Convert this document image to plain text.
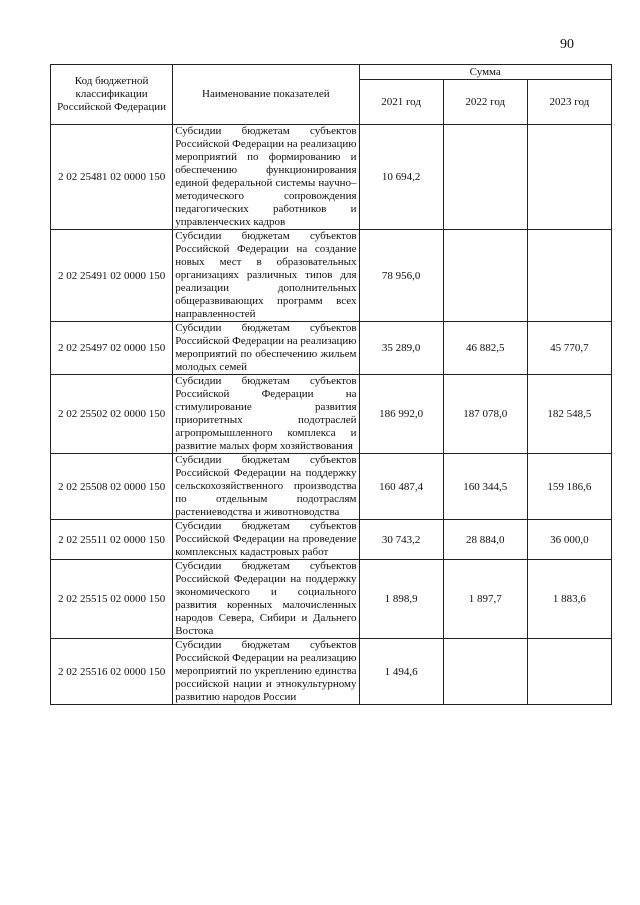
90
Код бюджетной классификации Российской Федерации	Наименование показателей	Сумма		
		2021 год	2022 год	2023 год
2 02 25481 02 0000 150	Субсидии бюджетам субъектов Российской Федерации на реализацию мероприятий по формированию и обеспечению функционирования единой федеральной системы научно–методического сопровождения педагогических работников и управленческих кадров	10 694,2		
2 02 25491 02 0000 150	Субсидии бюджетам субъектов Российской Федерации на создание новых мест в образовательных организациях различных типов для реализации дополнительных общеразвивающих программ всех направленностей	78 956,0		
2 02 25497 02 0000 150	Субсидии бюджетам субъектов Российской Федерации на реализацию мероприятий по обеспечению жильем молодых семей	35 289,0	46 882,5	45 770,7
2 02 25502 02 0000 150	Субсидии бюджетам субъектов Российской Федерации на стимулирование развития приоритетных подотраслей агропромышленного комплекса и развитие малых форм хозяйствования	186 992,0	187 078,0	182 548,5
2 02 25508 02 0000 150	Субсидии бюджетам субъектов Российской Федерации на поддержку сельскохозяйственного производства по отдельным подотраслям растениеводства и животноводства	160 487,4	160 344,5	159 186,6
2 02 25511 02 0000 150	Субсидии бюджетам субъектов Российской Федерации на проведение комплексных кадастровых работ	30 743,2	28 884,0	36 000,0
2 02 25515 02 0000 150	Субсидии бюджетам субъектов Российской Федерации на поддержку экономического и социального развития коренных малочисленных народов Севера, Сибири и Дальнего Востока	1 898,9	1 897,7	1 883,6
2 02 25516 02 0000 150	Субсидии бюджетам субъектов Российской Федерации на реализацию мероприятий по укреплению единства российской нации и этнокультурному развитию народов России	1 494,6		
